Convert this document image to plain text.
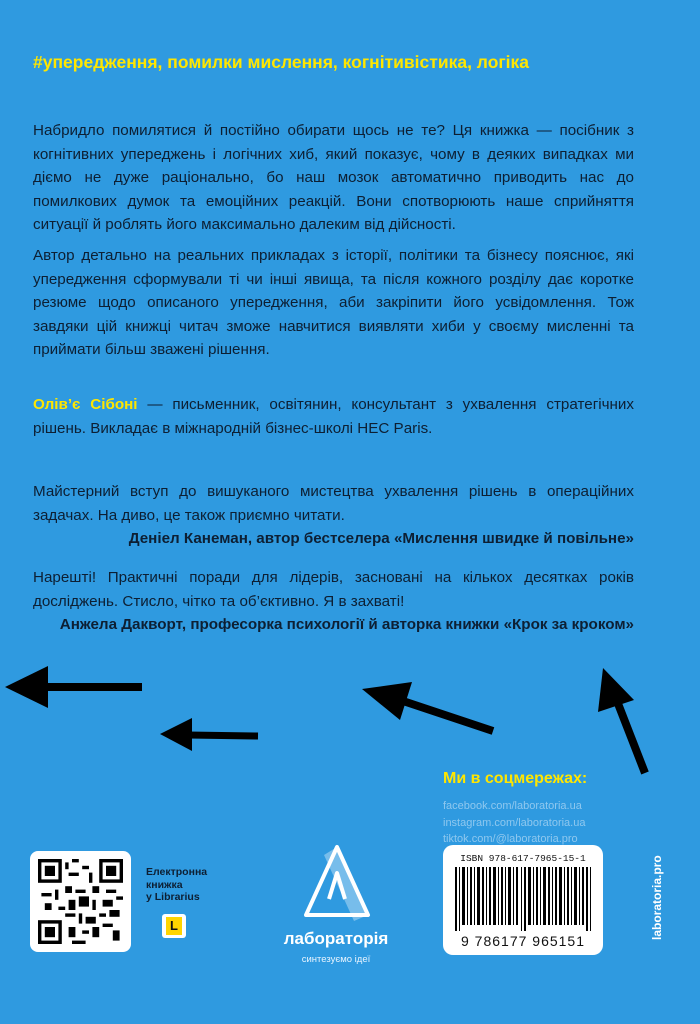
#упередження, помилки мислення, когнітивістика, логіка
Набридло помилятися й постійно обирати щось не те? Ця книжка — посібник з когнітивних упереджень і логічних хиб, який показує, чому в деяких випадках ми діємо не дуже раціонально, бо наш мозок автоматично приводить нас до помилкових думок та емоційних реакцій. Вони спотворюють наше сприйняття ситуації й роблять його максимально далеким від дійсності.
Автор детально на реальних прикладах з історії, політики та бізнесу пояснює, які упередження сформували ті чи інші явища, та після кожного розділу дає коротке резюме щодо описаного упередження, аби закріпити його усвідомлення. Тож завдяки цій книжці читач зможе навчитися виявляти хиби у своєму мисленні та приймати більш зважені рішення.
Олів’є Сібоні — письменник, освітянин, консультант з ухвалення стратегічних рішень. Викладає в міжнародній бізнес-школі HEC Paris.
Майстерний вступ до вишуканого мистецтва ухвалення рішень в операційних задачах. На диво, це також приємно читати.
Деніел Канеман, автор бестселера «Мислення швидке й повільне»
Нарешті! Практичні поради для лідерів, засновані на кількох десятках років досліджень. Стисло, чітко та об’єктивно. Я в захваті!
Анжела Дакворт, професорка психології й авторка книжки «Крок за кроком»
Ми в соцмережах:
facebook.com/laboratoria.ua
instagram.com/laboratoria.ua
tiktok.com/@laboratoria.pro
Електронна
книжка
у Librarius
L
лабораторія
синтезуємо ідеї
ISBN 978-617-7965-15-1
9 786177 965151
laboratoria.pro
